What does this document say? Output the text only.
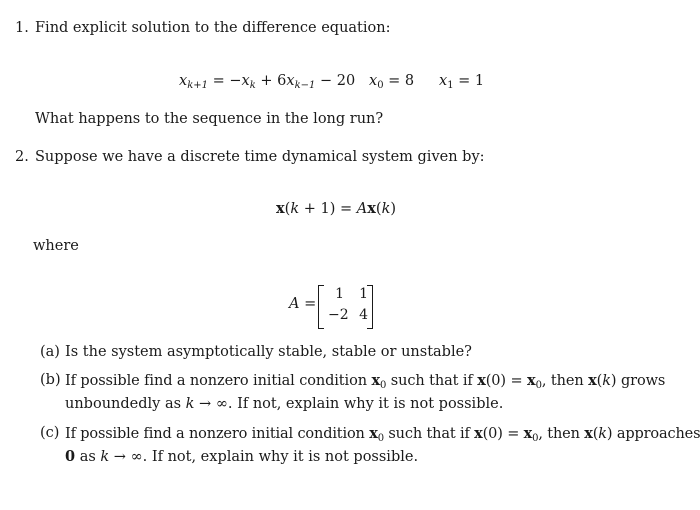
1. Find explicit solution to the difference equation:
$x_{k+1} = -x_k + 6x_{k-1} - 20$ $x_0 = 8$ $x_1 = 1$
What happens to the sequence in the long run?
2. Suppose we have a discrete time dynamical system given by:
x(k + 1) = Ax(k)
where
A =
1	1
−2 4
(a) Is the system asymptotically stable, stable or unstable?
(b) If possible find a nonzero initial condition $x_0$ such that if $x(0) = x_0$, then x(k) grows
unboundedly as k → ∞. If not, explain why it is not possible.
(c) If possible find a nonzero initial condition $x_0$ such that if $x(0) = x_0$, then x(k) approaches
0 as k → ∞. If not, explain why it is not possible.
